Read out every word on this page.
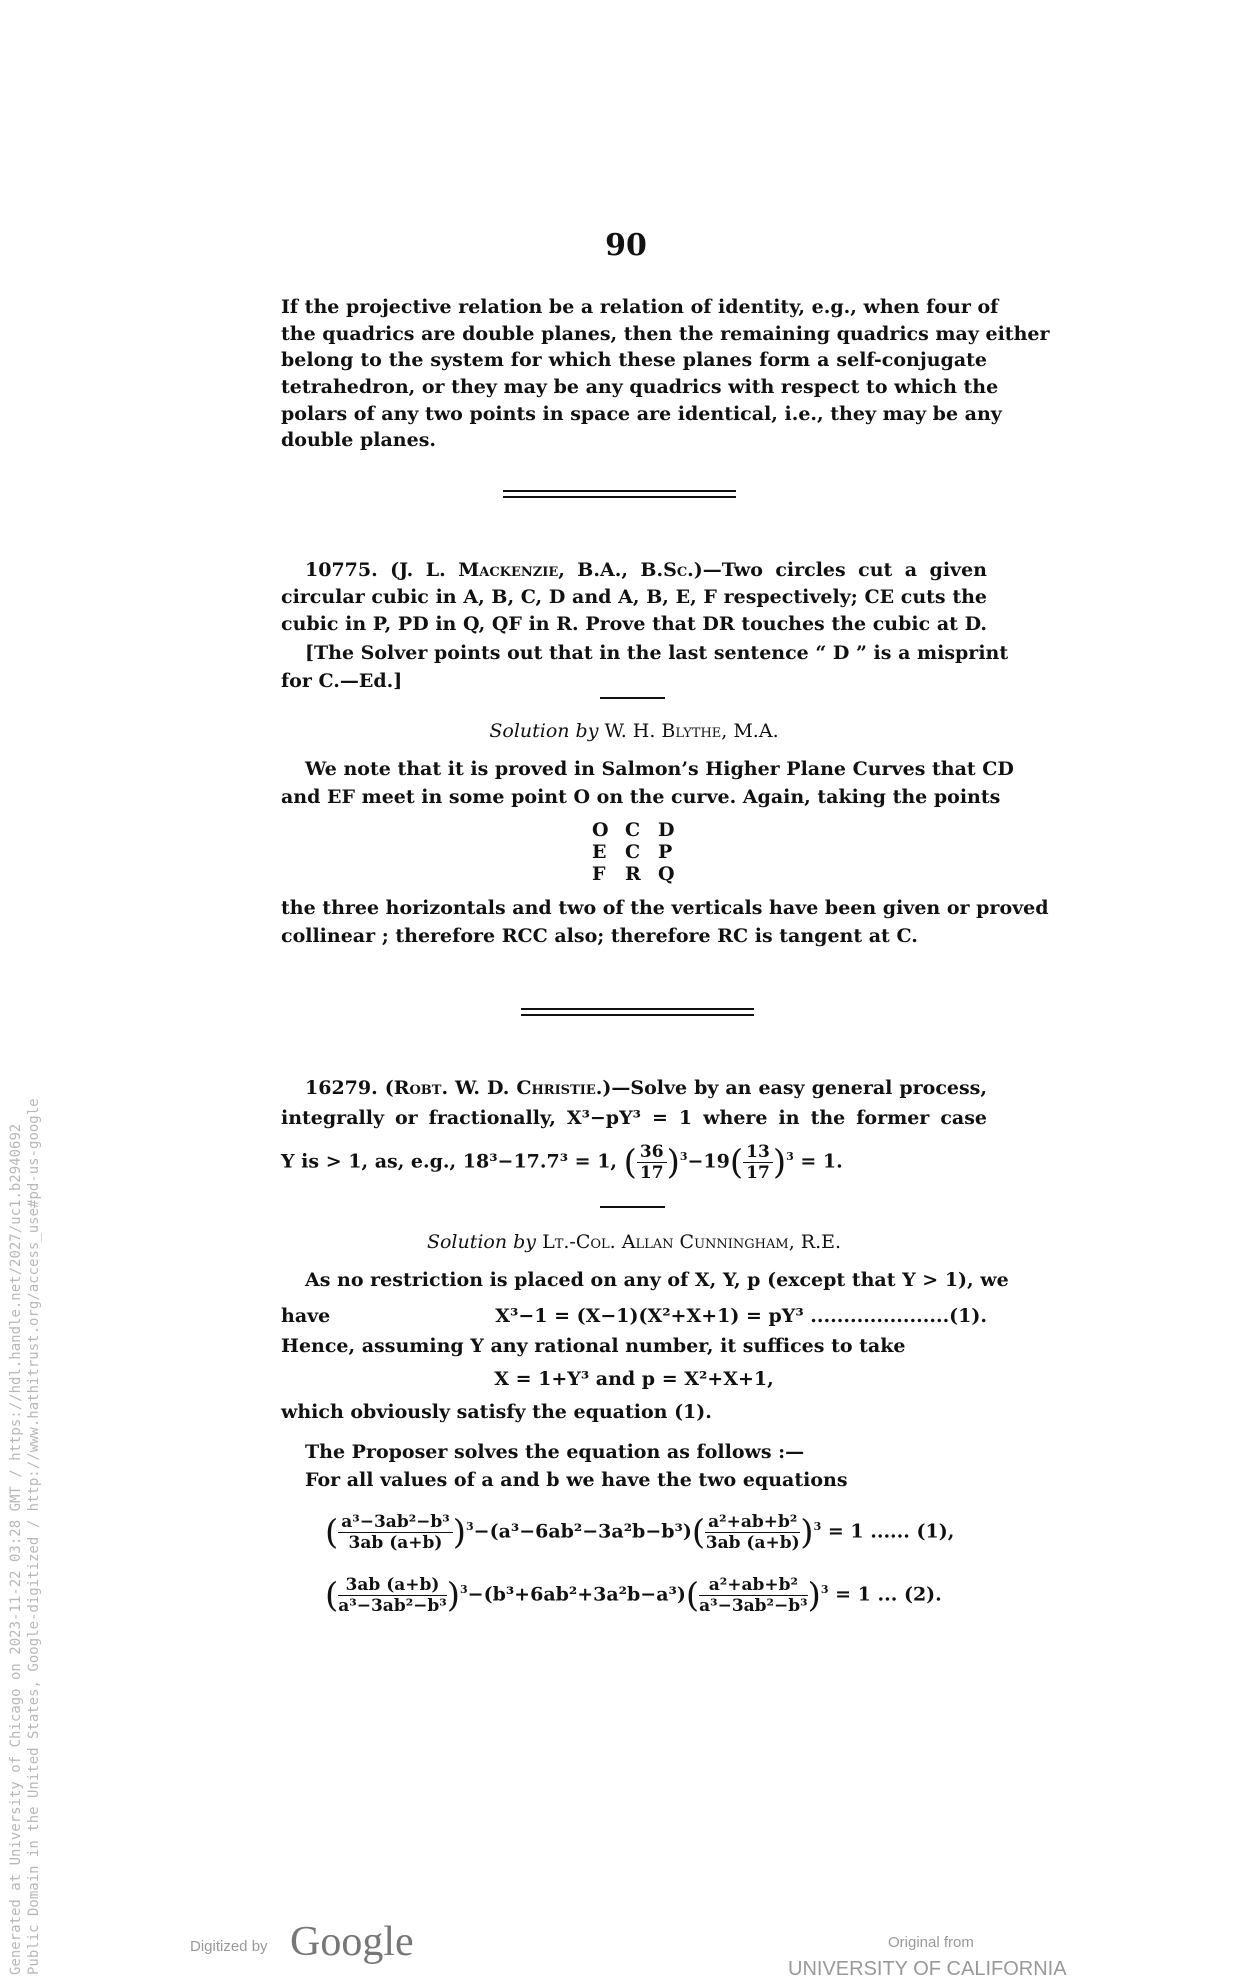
Generated at University of Chicago on 2023-11-22 03:28 GMT / https://hdl.handle.net/2027/uc1.b2940692 Public Domain in the United States, Google-digitized / http://www.hathitrust.org/access_use#pd-us-google
90
If the projective relation be a relation of identity, e.g., when four of
the quadrics are double planes, then the remaining quadrics may either
belong to the system for which these planes form a self-conjugate
tetrahedron, or they may be any quadrics with respect to which the
polars of any two points in space are identical, i.e., they may be any
double planes.
10775. (J. L. Mackenzie, B.A., B.Sc.)—Two circles cut a given
circular cubic in A, B, C, D and A, B, E, F respectively; CE cuts the
cubic in P, PD in Q, QF in R. Prove that DR touches the cubic at D.
[The Solver points out that in the last sentence “ D ” is a misprint
for C.—Ed.]
Solution by W. H. Blythe, M.A.
We note that it is proved in Salmon’s Higher Plane Curves that CD
and EF meet in some point O on the curve. Again, taking the points
O C D
E C P
F R Q
the three horizontals and two of the verticals have been given or proved
collinear ; therefore RCC also; therefore RC is tangent at C.
16279. (Robt. W. D. Christie.)—Solve by an easy general process,
integrally or fractionally, X³−pY³ = 1 where in the former case
Y is > 1, as, e.g., 18³−17.7³ = 1, ( $\frac{36}{17} )^3-19( \frac{13}{17} )^3 = 1$.
Solution by Lt.-Col. Allan Cunningham, R.E.
As no restriction is placed on any of X, Y, p (except that Y > 1), we
have	X³−1 = (X−1)(X²+X+1) = pY³ .....................(1).
Hence, assuming Y any rational number, it suffices to take
X = 1+Y³ and p = X²+X+1,
which obviously satisfy the equation (1).
The Proposer solves the equation as follows :—
For all values of a and b we have the two equations
( $\frac{\text{a³−3ab²−b³}}{3ab (a+b)} )^3-(a^3-6ab^2-3a^2b-b^3)( \frac{\text{a²+ab+b²}}{3ab (a+b)} )^3 = 1$ ...... (1),
( $\frac{3ab (a+b)}{\text{a³−3ab²−b³}} )^3-(b^3+6ab^2+3a^2b-a^3)( \frac{\text{a²+ab+b²}}{\text{a³−3ab²−b³}} )^3 = 1$ ... (2).
Digitized by Google	Original from
UNIVERSITY OF CALIFORNIA
